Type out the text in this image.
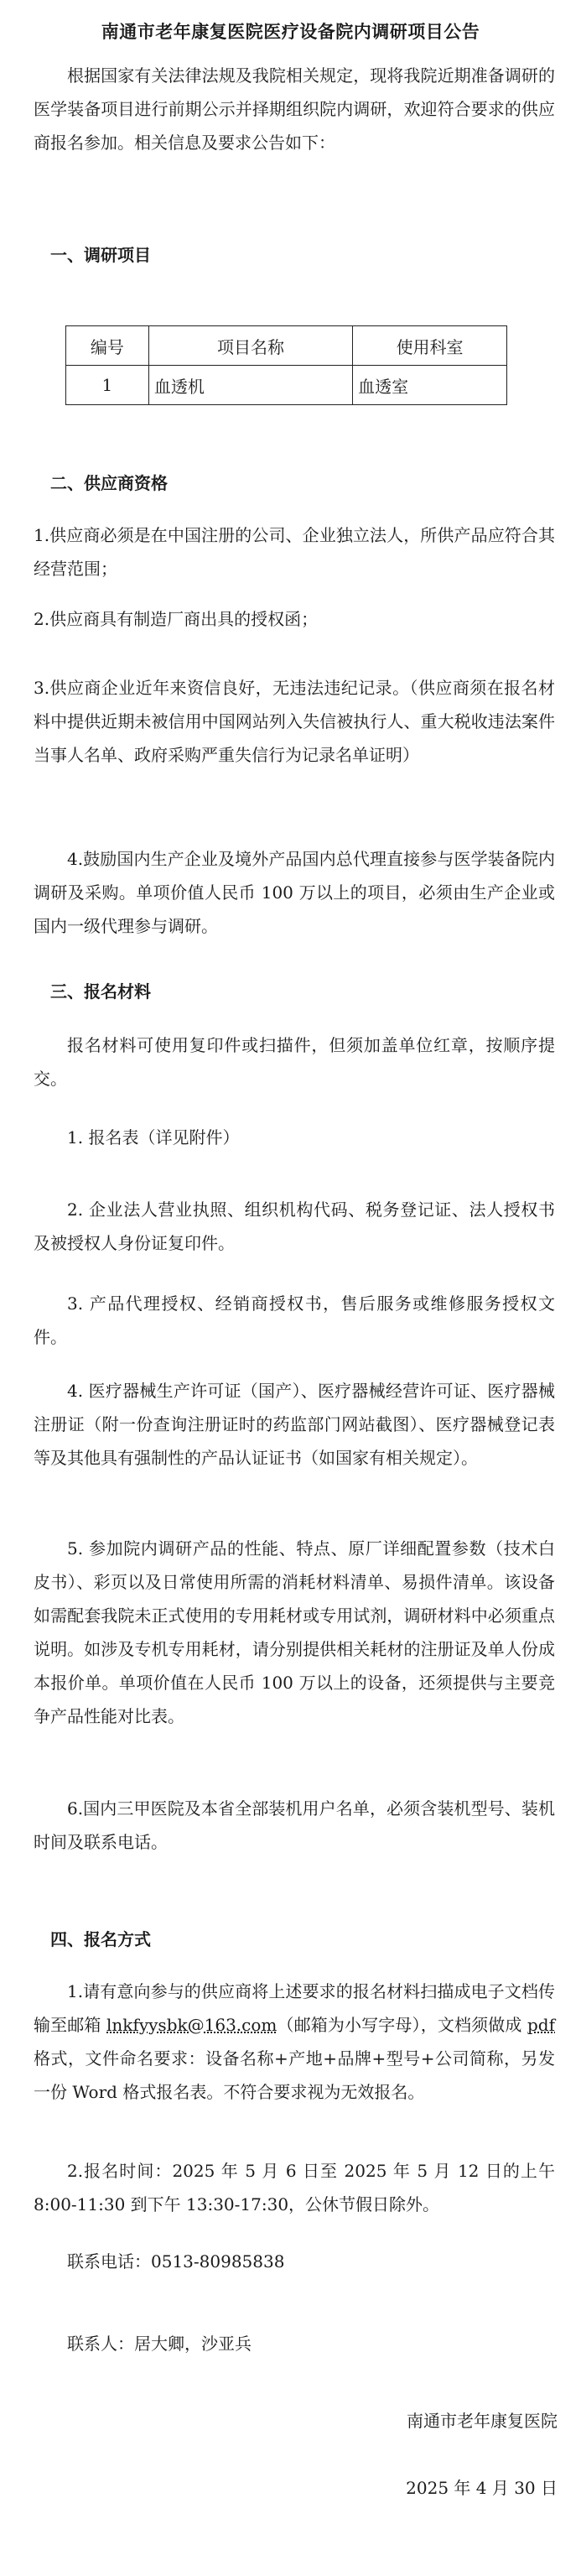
南通市老年康复医院医疗设备院内调研项目公告

根据国家有关法律法规及我院相关规定，现将我院近期准备调研的医学装备项目进行前期公示并择期组织院内调研，欢迎符合要求的供应商报名参加。相关信息及要求公告如下：

一、调研项目
编号	项目名称	使用科室
1	血透机	血透室
二、供应商资格

1.供应商必须是在中国注册的公司、企业独立法人，所供产品应符合其经营范围；

2.供应商具有制造厂商出具的授权函；

3.供应商企业近年来资信良好，无违法违纪记录。（供应商须在报名材料中提供近期未被信用中国网站列入失信被执行人、重大税收违法案件当事人名单、政府采购严重失信行为记录名单证明）

4.鼓励国内生产企业及境外产品国内总代理直接参与医学装备院内调研及采购。单项价值人民币 100 万以上的项目，必须由生产企业或国内一级代理参与调研。

三、报名材料

报名材料可使用复印件或扫描件，但须加盖单位红章，按顺序提交。

1. 报名表（详见附件）

2. 企业法人营业执照、组织机构代码、税务登记证、法人授权书及被授权人身份证复印件。

3. 产品代理授权、经销商授权书，售后服务或维修服务授权文件。

4. 医疗器械生产许可证（国产）、医疗器械经营许可证、医疗器械注册证（附一份查询注册证时的药监部门网站截图）、医疗器械登记表等及其他具有强制性的产品认证证书（如国家有相关规定）。

5. 参加院内调研产品的性能、特点、原厂详细配置参数（技术白皮书）、彩页以及日常使用所需的消耗材料清单、易损件清单。该设备如需配套我院未正式使用的专用耗材或专用试剂，调研材料中必须重点说明。如涉及专机专用耗材，请分别提供相关耗材的注册证及单人份成本报价单。单项价值在人民币 100 万以上的设备，还须提供与主要竞争产品性能对比表。

6.国内三甲医院及本省全部装机用户名单，必须含装机型号、装机时间及联系电话。

四、报名方式

1.请有意向参与的供应商将上述要求的报名材料扫描成电子文档传输至邮箱 lnkfyysbk@163.com（邮箱为小写字母），文档须做成 pdf 格式，文件命名要求：设备名称+产地+品牌+型号+公司简称，另发一份 Word 格式报名表。不符合要求视为无效报名。

2.报名时间：2025 年 5 月 6 日至 2025 年 5 月 12 日的上午 8:00-11:30 到下午 13:30-17:30，公休节假日除外。

联系电话：0513-80985838

联系人：居大卿，沙亚兵

南通市老年康复医院

2025 年 4 月 30 日
